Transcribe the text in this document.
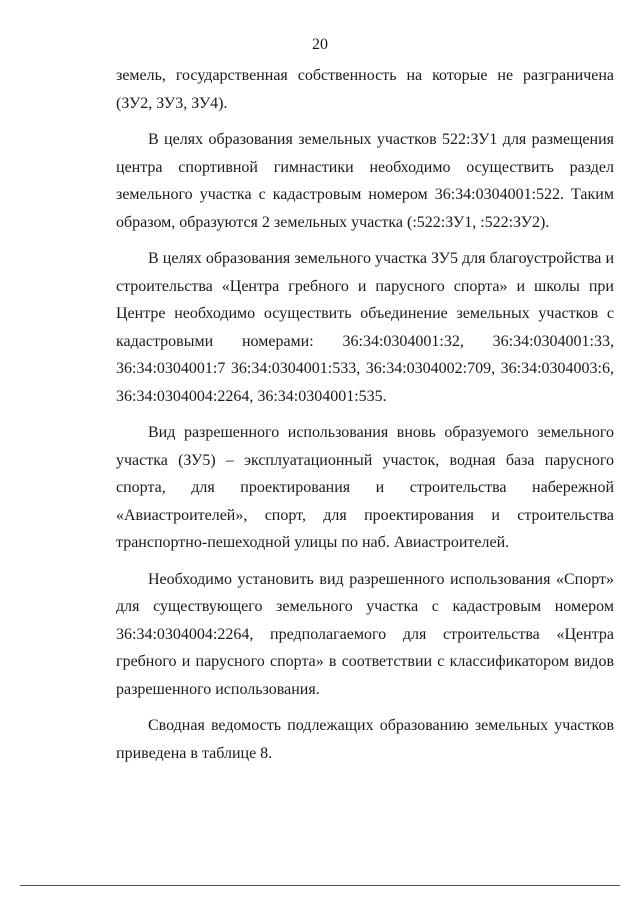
20

земель, государственная собственность на которые не разграничена (ЗУ2, ЗУ3, ЗУ4).

В целях образования земельных участков 522:ЗУ1 для размещения центра спортивной гимнастики необходимо осуществить раздел земельного участка с кадастровым номером 36:34:0304001:522. Таким образом, образуются 2 земельных участка (:522:ЗУ1, :522:ЗУ2).

В целях образования земельного участка ЗУ5 для благоустройства и строительства «Центра гребного и парусного спорта» и школы при Центре необходимо осуществить объединение земельных участков с кадастровыми номерами: 36:34:0304001:32, 36:34:0304001:33, 36:34:0304001:7 36:34:0304001:533, 36:34:0304002:709, 36:34:0304003:6, 36:34:0304004:2264, 36:34:0304001:535.

Вид разрешенного использования вновь образуемого земельного участка (ЗУ5) – эксплуатационный участок, водная база парусного спорта, для проектирования и строительства набережной «Авиастроителей», спорт, для проектирования и строительства транспортно-пешеходной улицы по наб. Авиастроителей.

Необходимо установить вид разрешенного использования «Спорт» для существующего земельного участка с кадастровым номером 36:34:0304004:2264, предполагаемого для строительства «Центра гребного и парусного спорта» в соответствии с классификатором видов разрешенного использования.

Сводная ведомость подлежащих образованию земельных участков приведена в таблице 8.
